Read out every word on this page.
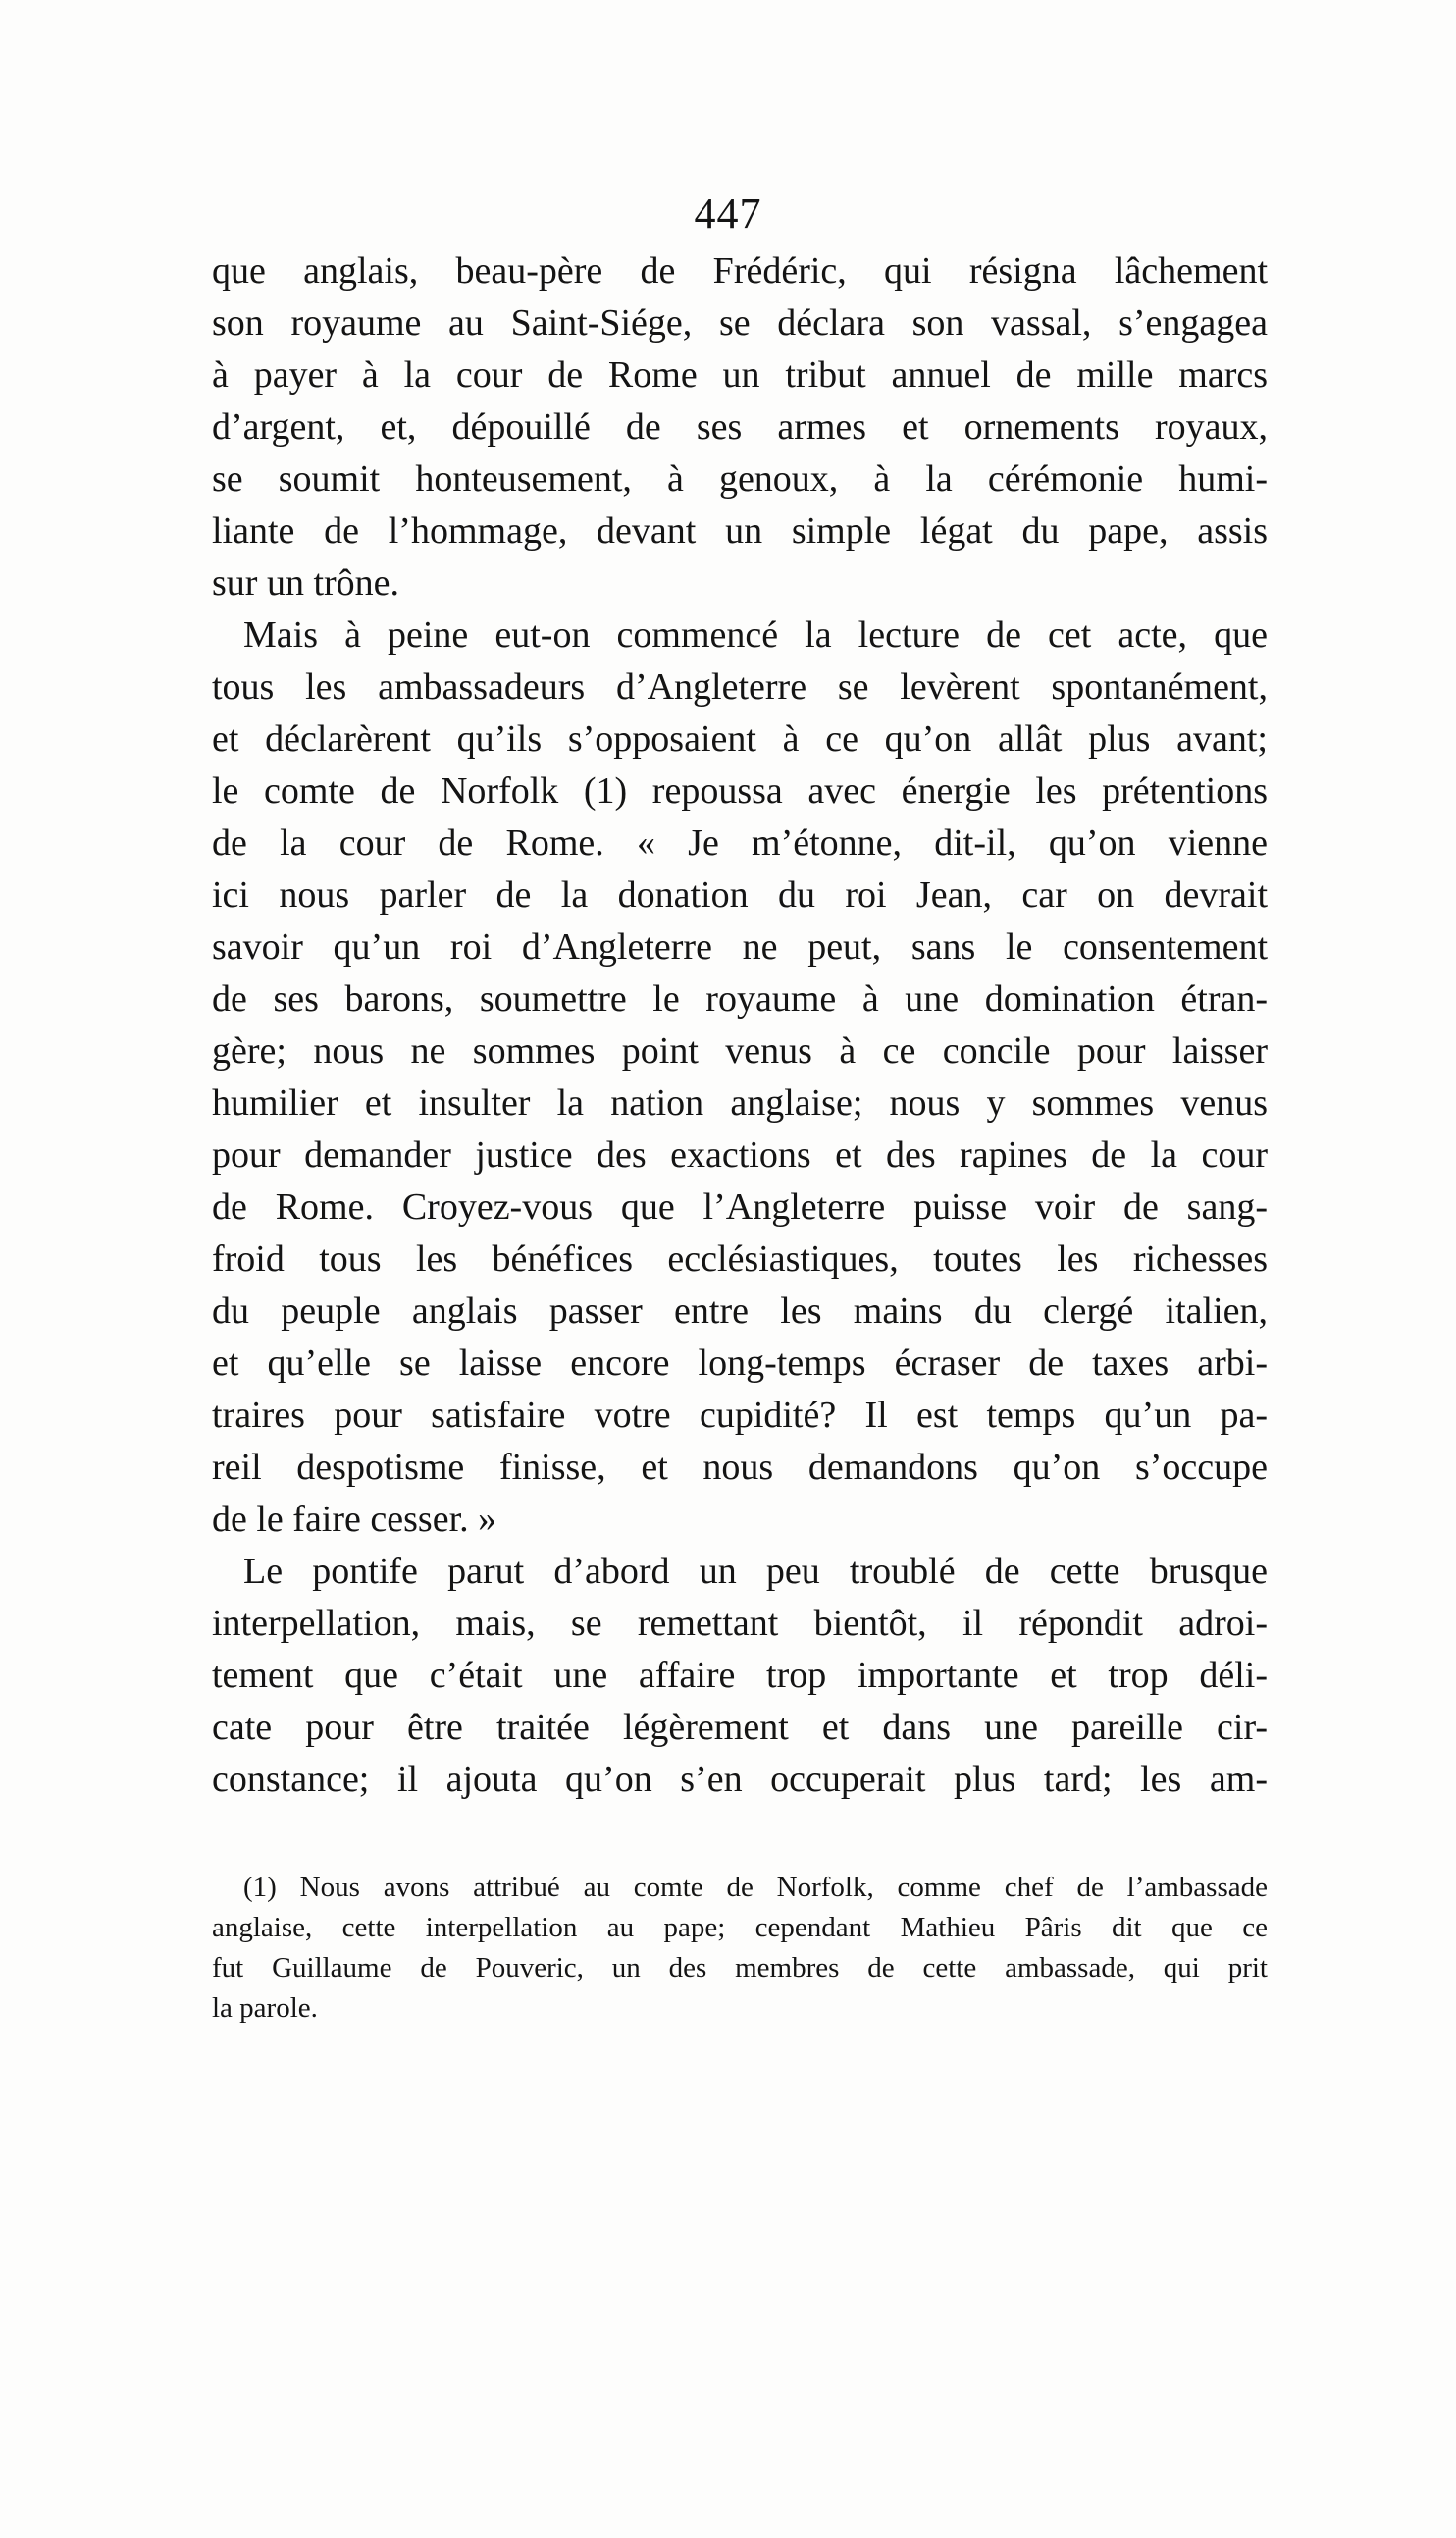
447
que anglais, beau-père de Frédéric, qui résigna lâchement
son royaume au Saint-Siége, se déclara son vassal, s’engagea
à payer à la cour de Rome un tribut annuel de mille marcs
d’argent, et, dépouillé de ses armes et ornements royaux,
se soumit honteusement, à genoux, à la cérémonie humi-
liante de l’hommage, devant un simple légat du pape, assis
sur un trône.
Mais à peine eut-on commencé la lecture de cet acte, que
tous les ambassadeurs d’Angleterre se levèrent spontanément,
et déclarèrent qu’ils s’opposaient à ce qu’on allât plus avant;
le comte de Norfolk (1) repoussa avec énergie les prétentions
de la cour de Rome. « Je m’étonne, dit-il, qu’on vienne
ici nous parler de la donation du roi Jean, car on devrait
savoir qu’un roi d’Angleterre ne peut, sans le consentement
de ses barons, soumettre le royaume à une domination étran-
gère; nous ne sommes point venus à ce concile pour laisser
humilier et insulter la nation anglaise; nous y sommes venus
pour demander justice des exactions et des rapines de la cour
de Rome. Croyez-vous que l’Angleterre puisse voir de sang-
froid tous les bénéfices ecclésiastiques, toutes les richesses
du peuple anglais passer entre les mains du clergé italien,
et qu’elle se laisse encore long-temps écraser de taxes arbi-
traires pour satisfaire votre cupidité? Il est temps qu’un pa-
reil despotisme finisse, et nous demandons qu’on s’occupe
de le faire cesser. »
Le pontife parut d’abord un peu troublé de cette brusque
interpellation, mais, se remettant bientôt, il répondit adroi-
tement que c’était une affaire trop importante et trop déli-
cate pour être traitée légèrement et dans une pareille cir-
constance; il ajouta qu’on s’en occuperait plus tard; les am-
(1) Nous avons attribué au comte de Norfolk, comme chef de l’ambassade
anglaise, cette interpellation au pape; cependant Mathieu Pâris dit que ce
fut Guillaume de Pouveric, un des membres de cette ambassade, qui prit
la parole.
